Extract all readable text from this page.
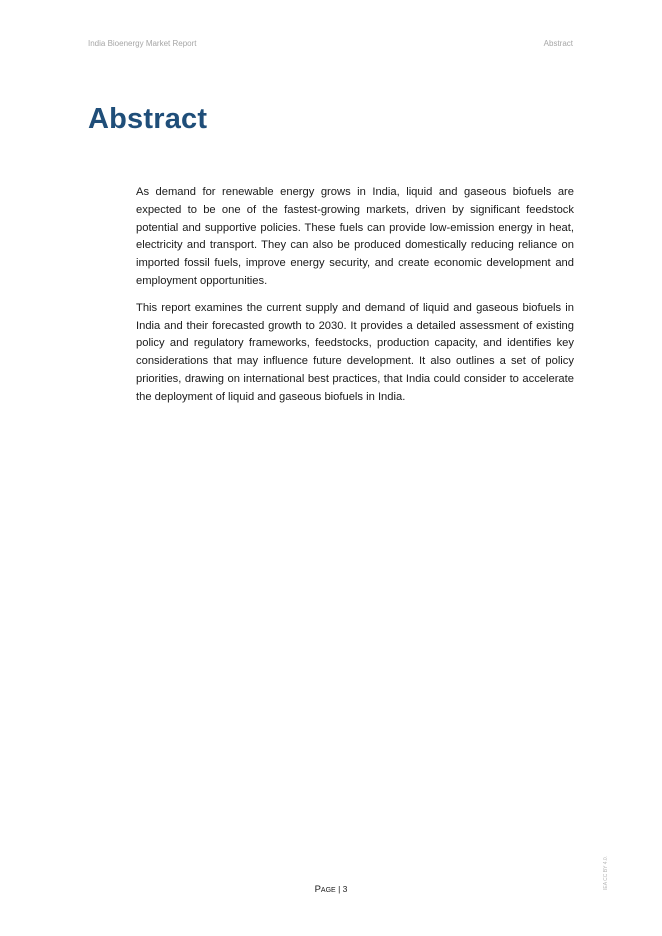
India Bioenergy Market Report	Abstract
Abstract

As demand for renewable energy grows in India, liquid and gaseous biofuels are expected to be one of the fastest-growing markets, driven by significant feedstock potential and supportive policies. These fuels can provide low-emission energy in heat, electricity and transport. They can also be produced domestically reducing reliance on imported fossil fuels, improve energy security, and create economic development and employment opportunities.

This report examines the current supply and demand of liquid and gaseous biofuels in India and their forecasted growth to 2030. It provides a detailed assessment of existing policy and regulatory frameworks, feedstocks, production capacity, and identifies key considerations that may influence future development. It also outlines a set of policy priorities, drawing on international best practices, that India could consider to accelerate the deployment of liquid and gaseous biofuels in India.

Page | 3	IEA CC BY 4.0.
